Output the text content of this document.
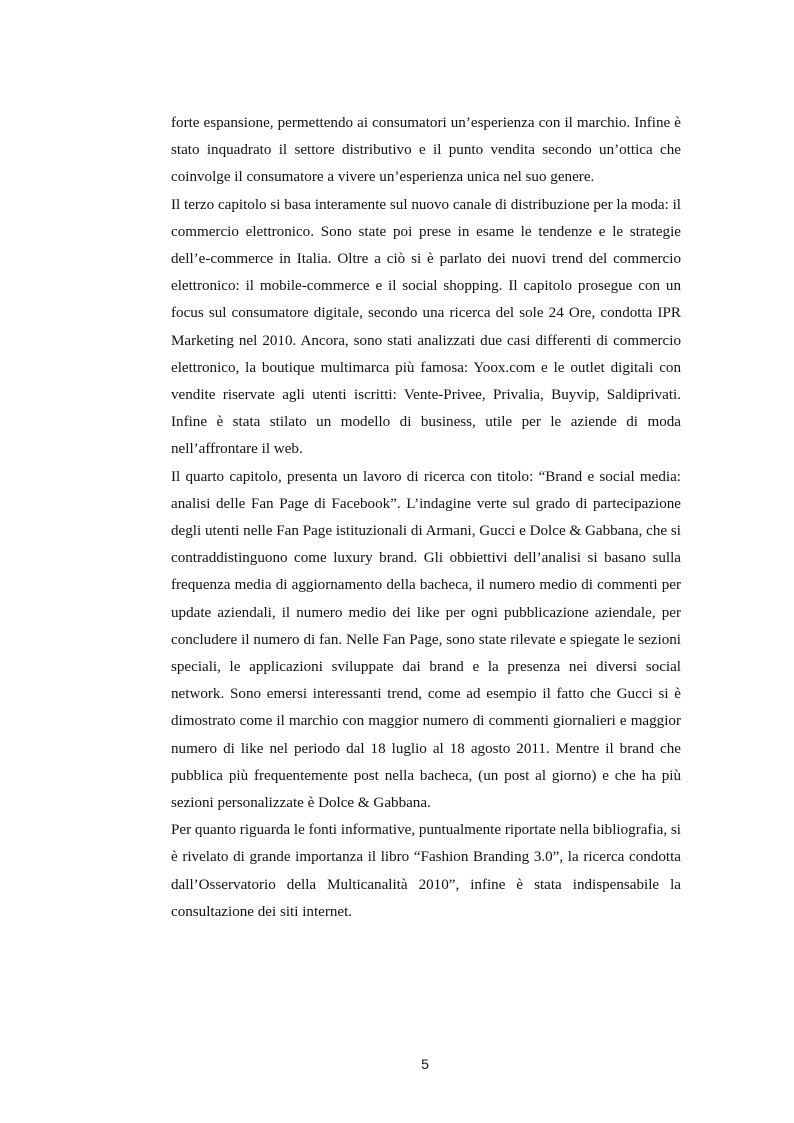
forte espansione, permettendo ai consumatori un’esperienza con il marchio. Infine è stato inquadrato il settore distributivo e il punto vendita secondo un’ottica che coinvolge il consumatore a vivere un’esperienza unica nel suo genere.

Il terzo capitolo si basa interamente sul nuovo canale di distribuzione per la moda: il commercio elettronico. Sono state poi prese in esame le tendenze e le strategie dell’e-commerce in Italia. Oltre a ciò si è parlato dei nuovi trend del commercio elettronico: il mobile-commerce e il social shopping. Il capitolo prosegue con un focus sul consumatore digitale, secondo una ricerca del sole 24 Ore, condotta IPR Marketing nel 2010. Ancora, sono stati analizzati due casi differenti di commercio elettronico, la boutique multimarca più famosa: Yoox.com e le outlet digitali con vendite riservate agli utenti iscritti: Vente-Privee, Privalia, Buyvip, Saldiprivati. Infine è stata stilato un modello di business, utile per le aziende di moda nell’affrontare il web.

Il quarto capitolo, presenta un lavoro di ricerca con titolo: “Brand e social media: analisi delle Fan Page di Facebook”. L’indagine verte sul grado di partecipazione degli utenti nelle Fan Page istituzionali di Armani, Gucci e Dolce & Gabbana, che si contraddistinguono come luxury brand. Gli obbiettivi dell’analisi si basano sulla frequenza media di aggiornamento della bacheca, il numero medio di commenti per update aziendali, il numero medio dei like per ogni pubblicazione aziendale, per concludere il numero di fan. Nelle Fan Page, sono state rilevate e spiegate le sezioni speciali, le applicazioni sviluppate dai brand e la presenza nei diversi social network. Sono emersi interessanti trend, come ad esempio il fatto che Gucci si è dimostrato come il marchio con maggior numero di commenti giornalieri e maggior numero di like nel periodo dal 18 luglio al 18 agosto 2011. Mentre il brand che pubblica più frequentemente post nella bacheca, (un post al giorno) e che ha più sezioni personalizzate è Dolce & Gabbana.

Per quanto riguarda le fonti informative, puntualmente riportate nella bibliografia, si è rivelato di grande importanza il libro “Fashion Branding 3.0”, la ricerca condotta dall’Osservatorio della Multicanalità 2010”, infine è stata indispensabile la consultazione dei siti internet.

5
